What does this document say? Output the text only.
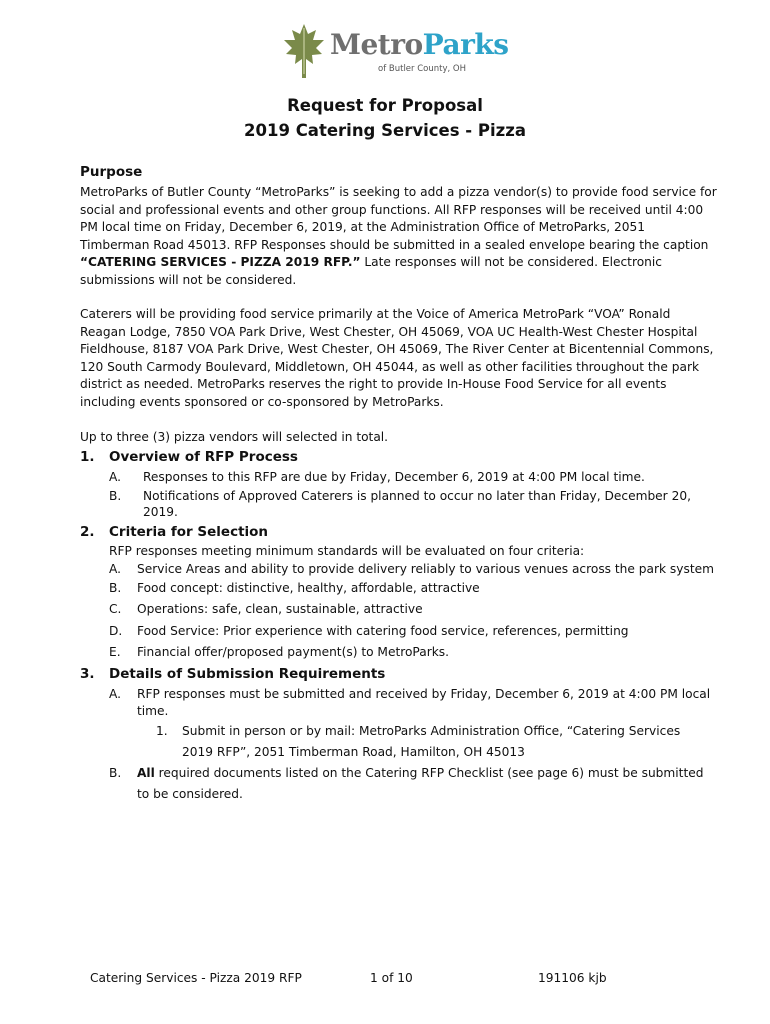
MetroParks
of Butler County, OH
Request for Proposal
2019 Catering Services - Pizza
Purpose
MetroParks of Butler County “MetroParks” is seeking to add a pizza vendor(s) to provide food service for
social and professional events and other group functions. All RFP responses will be received until 4:00
PM local time on Friday, December 6, 2019, at the Administration Office of MetroParks, 2051
Timberman Road 45013. RFP Responses should be submitted in a sealed envelope bearing the caption
“CATERING SERVICES - PIZZA 2019 RFP.” Late responses will not be considered. Electronic
submissions will not be considered.
Caterers will be providing food service primarily at the Voice of America MetroPark “VOA” Ronald
Reagan Lodge, 7850 VOA Park Drive, West Chester, OH 45069, VOA UC Health-West Chester Hospital
Fieldhouse, 8187 VOA Park Drive, West Chester, OH 45069, The River Center at Bicentennial Commons,
120 South Carmody Boulevard, Middletown, OH 45044, as well as other facilities throughout the park
district as needed. MetroParks reserves the right to provide In-House Food Service for all events
including events sponsored or co-sponsored by MetroParks.
Up to three (3) pizza vendors will selected in total.
1. Overview of RFP Process
A. Responses to this RFP are due by Friday, December 6, 2019 at 4:00 PM local time.
B. Notifications of Approved Caterers is planned to occur no later than Friday, December 20,
2019.
2. Criteria for Selection
RFP responses meeting minimum standards will be evaluated on four criteria:
A. Service Areas and ability to provide delivery reliably to various venues across the park system
B. Food concept: distinctive, healthy, affordable, attractive
C. Operations: safe, clean, sustainable, attractive
D. Food Service: Prior experience with catering food service, references, permitting
E. Financial offer/proposed payment(s) to MetroParks.
3. Details of Submission Requirements
A. RFP responses must be submitted and received by Friday, December 6, 2019 at 4:00 PM local
time.
1. Submit in person or by mail: MetroParks Administration Office, “Catering Services
2019 RFP”, 2051 Timberman Road, Hamilton, OH 45013
B. All required documents listed on the Catering RFP Checklist (see page 6) must be submitted
to be considered.
Catering Services - Pizza 2019 RFP	1 of 10	191106 kjb
